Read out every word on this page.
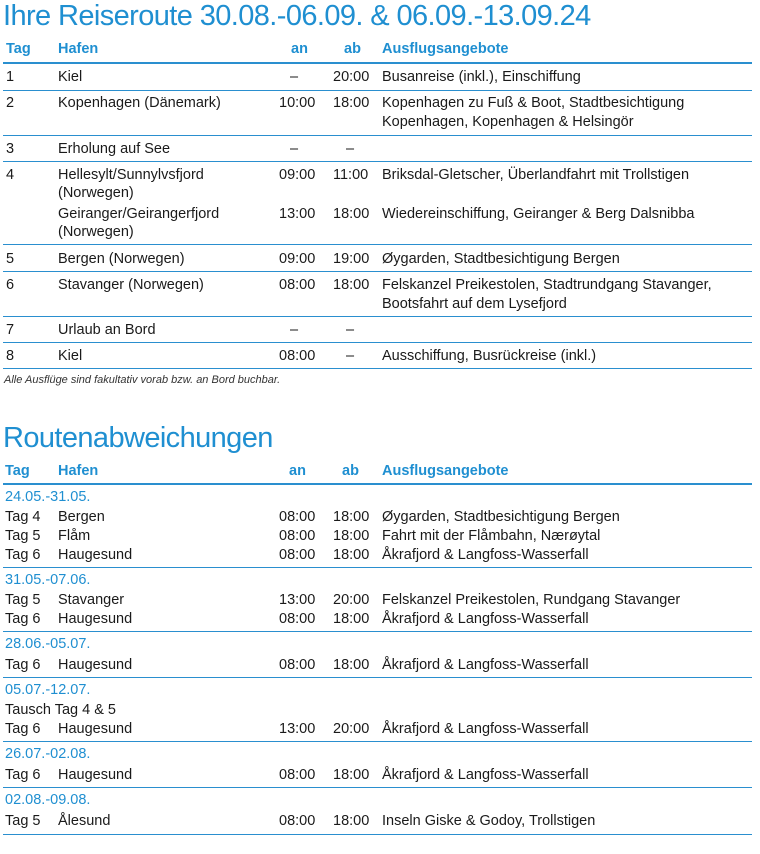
Ihre Reiseroute 30.08.-06.09. & 06.09.-13.09.24
Tag Hafen	an ab Ausflugsangebote
1	Kiel	– 20:00 Busanreise (inkl.), Einschiffung
2	Kopenhagen (Dänemark)	10:00 18:00 Kopenhagen zu Fuß & Boot, Stadtbesichtigung
Kopenhagen, Kopenhagen & Helsingör
3	Erholung auf See	–	–
4	Hellesylt/Sunnylvsfjord
(Norwegen)
09:00 11:00 Briksdal-Gletscher, Überlandfahrt mit Trollstigen
Geiranger/Geirangerfjord
(Norwegen)
13:00 18:00 Wiedereinschiffung, Geiranger & Berg Dalsnibba
5	Bergen (Norwegen)	09:00 19:00 Øygarden, Stadtbesichtigung Bergen
6	Stavanger (Norwegen)	08:00 18:00 Felskanzel Preikestolen, Stadtrundgang Stavanger,
Bootsfahrt auf dem Lysefjord
7	Urlaub an Bord	–	–
8	Kiel	08:00 – Ausschiffung, Busrückreise (inkl.)
Alle Ausflüge sind fakultativ vorab bzw. an Bord buchbar.
Routenabweichungen
Tag Hafen	an ab Ausflugsangebote
24.05.-31.05.
Tag 4 Bergen	08:00 18:00 Øygarden, Stadtbesichtigung Bergen
Tag 5 Flåm	08:00 18:00 Fahrt mit der Flåmbahn, Nærøytal
Tag 6 Haugesund	08:00 18:00 Åkrafjord & Langfoss-Wasserfall
31.05.-07.06.
Tag 5 Stavanger	13:00 20:00 Felskanzel Preikestolen, Rundgang Stavanger
Tag 6 Haugesund	08:00 18:00 Åkrafjord & Langfoss-Wasserfall
28.06.-05.07.
Tag 6 Haugesund	08:00 18:00 Åkrafjord & Langfoss-Wasserfall
05.07.-12.07.
Tausch Tag 4 & 5
Tag 6 Haugesund	13:00 20:00 Åkrafjord & Langfoss-Wasserfall
26.07.-02.08.
Tag 6 Haugesund	08:00 18:00 Åkrafjord & Langfoss-Wasserfall
02.08.-09.08.
Tag 5 Ålesund	08:00 18:00 Inseln Giske & Godoy, Trollstigen
